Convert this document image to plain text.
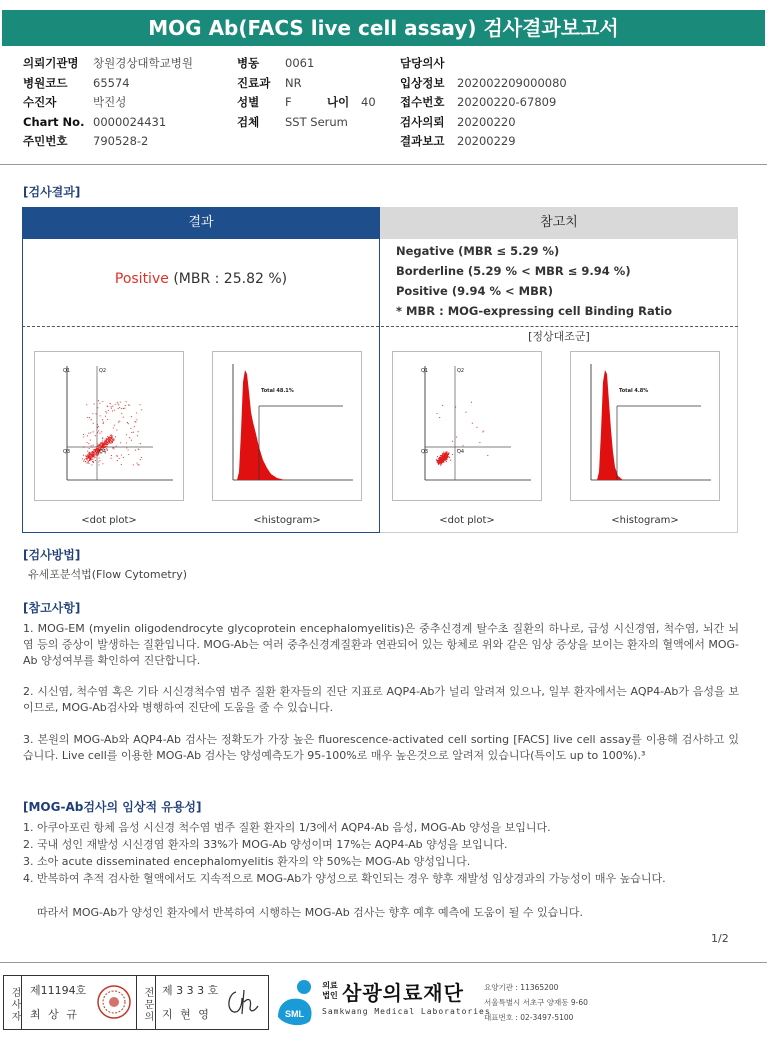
MOG Ab(FACS live cell assay) 검사결과보고서
의뢰기관명	창원경상대학교병원
병원코드	65574
수진자	박진성
Chart No. 0000024431
주민번호	790528-2
병동	0061
진료과	NR
성별	F	나이	40
검체	SST Serum
담당의사
입상정보	202002209000080
접수번호	20200220-67809
검사의뢰	20200220
결과보고	20200229
[검사결과]
결과	참고치
Positive (MBR : 25.82 %)
Negative (MBR ≤ 5.29 %)
Borderline (5.29 % < MBR ≤ 9.94 %)
Positive (9.94 % < MBR)
* MBR : MOG-expressing cell Binding Ratio
[정상대조군]
Q1	Q2
Q3	Q4
<dot plot>
Total 48.1%
<histogram>
Q1	Q2
Q3	Q4
<dot plot>
Total 4.8%
<histogram>
[검사방법]
유세포분석법(Flow Cytometry)
[참고사항]
1. MOG-EM (myelin oligodendrocyte glycoprotein encephalomyelitis)은 중추신경계 탈수초 질환의 하나로, 급성 시신경염, 척수염, 뇌간 뇌염 등의 증상이 발생하는 질환입니다. MOG-Ab는 여러 중추신경계질환과 연관되어 있는 항체로 위와 같은 임상 증상을 보이는 환자의 혈액에서 MOG-Ab 양성여부를 확인하여 진단합니다.
2. 시신염, 척수염 혹은 기타 시신경척수염 범주 질환 환자들의 진단 지표로 AQP4-Ab가 널리 알려져 있으나, 일부 환자에서는 AQP4-Ab가 음성을 보이므로, MOG-Ab검사와 병행하여 진단에 도움을 줄 수 있습니다.
3. 본원의 MOG-Ab와 AQP4-Ab 검사는 정확도가 가장 높은 fluorescence-activated cell sorting [FACS] live cell assay를 이용해 검사하고 있습니다. Live cell를 이용한 MOG-Ab 검사는 양성예측도가 95-100%로 매우 높은것으로 알려져 있습니다(특이도 up to 100%).³
[MOG-Ab검사의 임상적 유용성]
1. 아쿠아포린 항체 음성 시신경 척수염 범주 질환 환자의 1/3에서 AQP4-Ab 음성, MOG-Ab 양성을 보입니다.
2. 국내 성인 재발성 시신경염 환자의 33%가 MOG-Ab 양성이며 17%는 AQP4-Ab 양성을 보입니다.
3. 소아 acute disseminated encephalomyelitis 환자의 약 50%는 MOG-Ab 양성입니다.
4. 반복하여 추적 검사한 혈액에서도 지속적으로 MOG-Ab가 양성으로 확인되는 경우 향후 재발성 임상경과의 가능성이 매우 높습니다.
따라서 MOG-Ab가 양성인 환자에서 반복하여 시행하는 MOG-Ab 검사는 향후 예후 예측에 도움이 될 수 있습니다.
1/2
검사자 제11194호
최 상 규	전문의 제 3 3 3 호
지 현 영	SML
의료법인 삼광의료재단
Samkwang Medical Laboratories
요양기관 : 11365200
서울특별시 서초구 양재동 9-60
대표번호 : 02-3497-5100
